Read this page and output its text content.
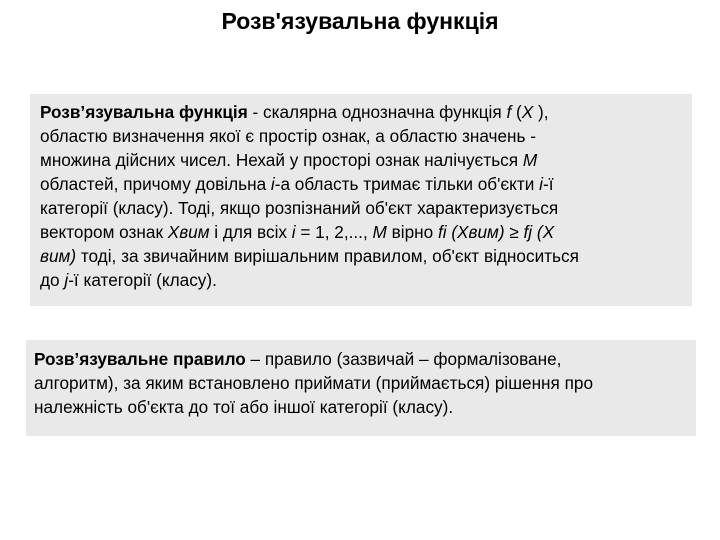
Розв'язувальна функція
Розв’язувальна функція - скалярна однозначна функція f (X ),
областю визначення якої є простір ознак, а областю значень -
множина дійсних чисел. Нехай у просторі ознак налічується M
областей, причому довільна i-а область тримає тільки об'єкти i-ї
категорії (класу). Тоді, якщо розпізнаний об'єкт характеризується
вектором ознак Хвим і для всіх i = 1, 2,..., M вірно fi (Хвим) ≥ fj (X
вим) тоді, за звичайним вирішальним правилом, об'єкт відноситься
до j-ї категорії (класу).
Розв’язувальне правило – правило (зазвичай – формалізоване,
алгоритм), за яким встановлено приймати (приймається) рішення про
належність об'єкта до тої або іншої категорії (класу).
